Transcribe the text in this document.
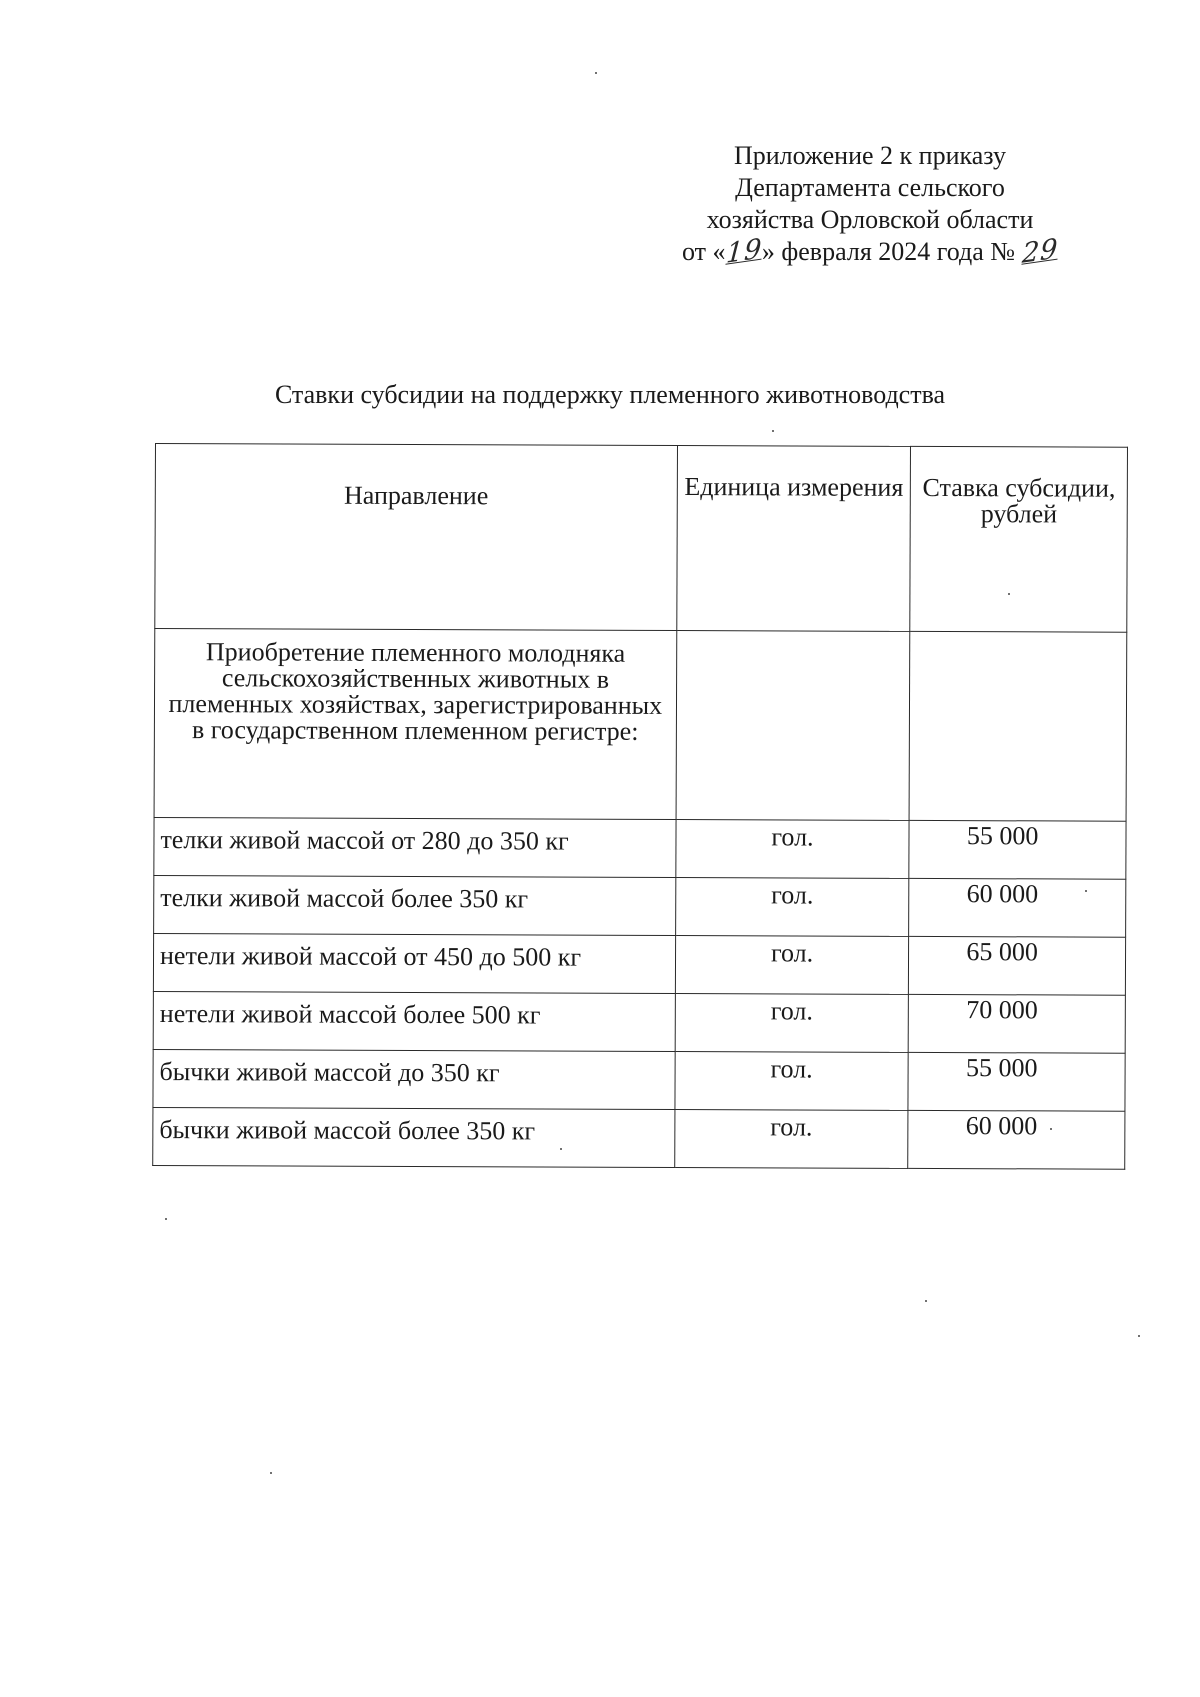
Приложение 2 к приказу
Департамента сельского
хозяйства Орловской области
от «19» февраля 2024 года № 29
Ставки субсидии на поддержку племенного животноводства
Направление	Единица измерения	Ставка субсидии, рублей
Приобретение племенного молодняка сельскохозяйственных животных в племенных хозяйствах, зарегистрированных в государственном племенном регистре:		
телки живой массой от 280 до 350 кг	гол.	55 000
телки живой массой более 350 кг	гол.	60 000
нетели живой массой от 450 до 500 кг	гол.	65 000
нетели живой массой более 500 кг	гол.	70 000
бычки живой массой до 350 кг	гол.	55 000
бычки живой массой более 350 кг	гол.	60 000
